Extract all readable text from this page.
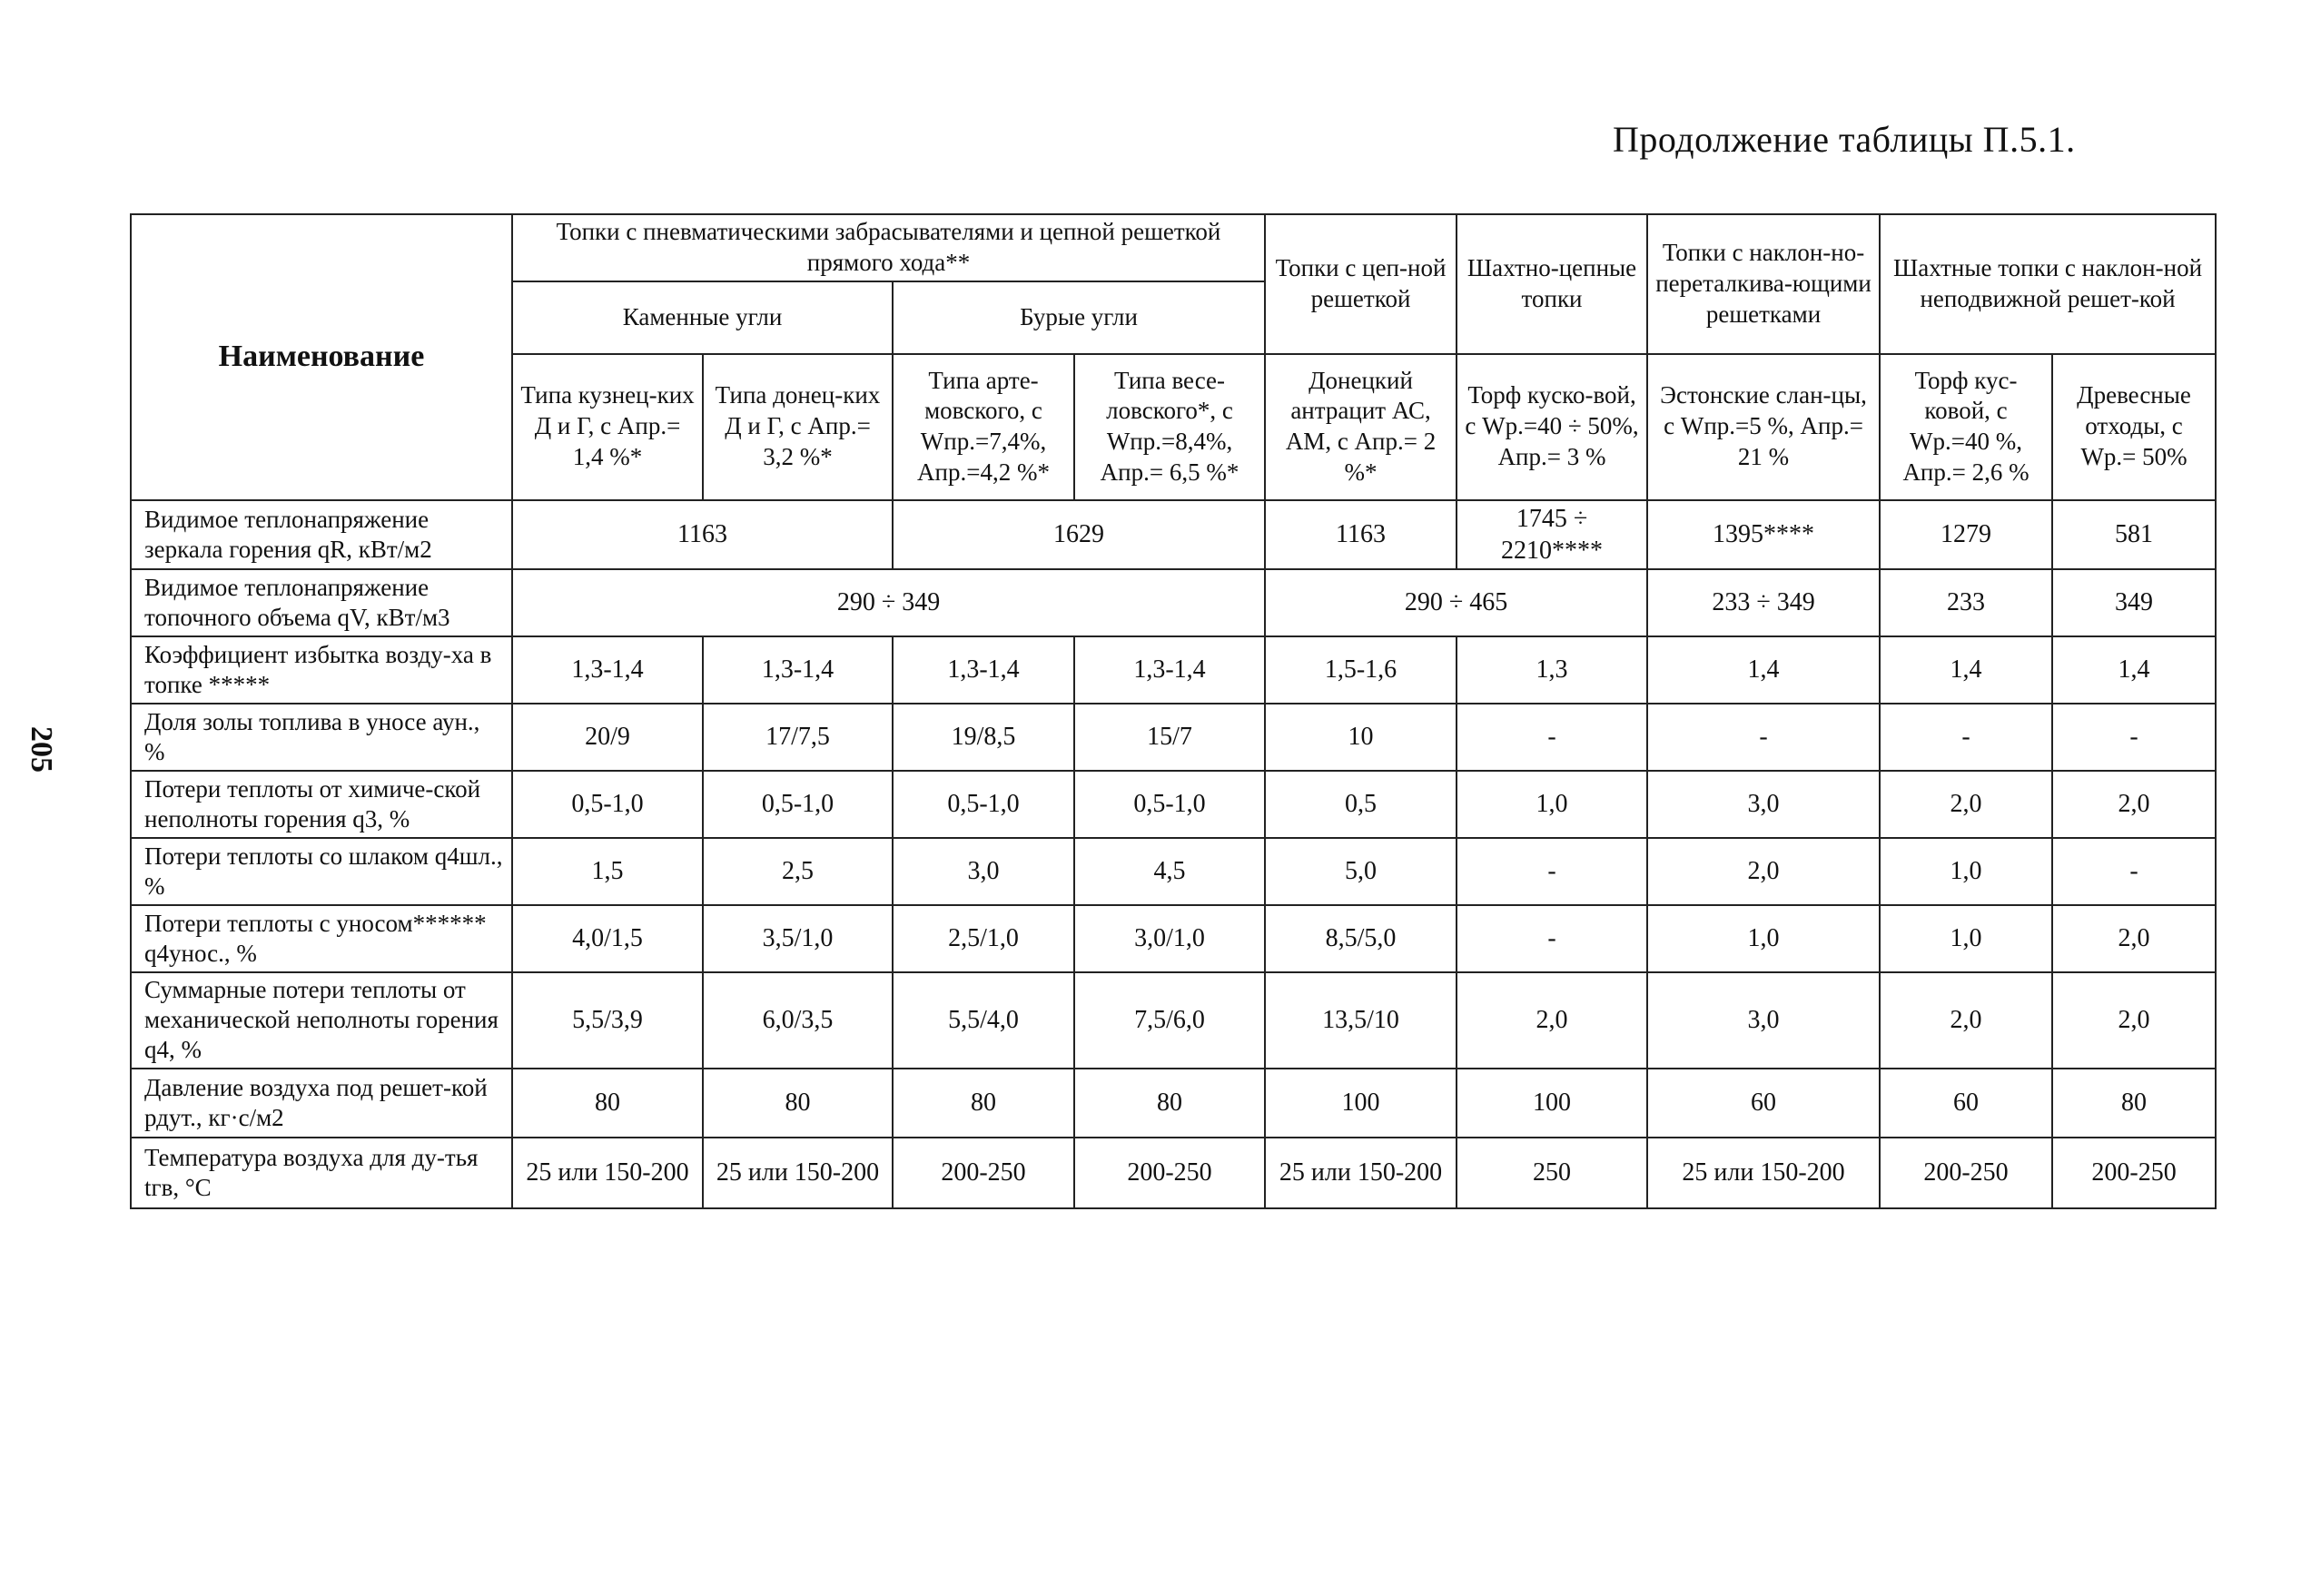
Продолжение таблицы П.5.1.
205
Наименование	Топки с пневматическими забрасывателями и цепной решеткой прямого хода**				Топки с цеп-ной решеткой	Шахтно-цепные топки	Топки с наклон-но-переталкива-ющими решетками	Шахтные топки с наклон-ной неподвижной решет-кой	
	Каменные угли		Бурые угли						
	Типа кузнец-ких Д и Г, с Апр.= 1,4 %*	Типа донец-ких Д и Г, с Апр.= 3,2 %*	Типа арте-мовского, с Wпр.=7,4%, Апр.=4,2 %*	Типа весе-ловского*, с Wпр.=8,4%, Апр.= 6,5 %*	Донецкий антрацит АС, АМ, с Апр.= 2 %*	Торф куско-вой, с Wр.=40 ÷ 50%, Апр.= 3 %	Эстонские слан-цы, с Wпр.=5 %, Апр.= 21 %	Торф кус-ковой, с Wр.=40 %, Апр.= 2,6 %	Древесные отходы, с Wр.= 50%
Видимое теплонапряжение зеркала горения qR, кВт/м2	1163		1629		1163	1745 ÷ 2210****	1395****	1279	581
Видимое теплонапряжение топочного объема qV, кВт/м3	290 ÷ 349				290 ÷ 465		233 ÷ 349	233	349
Коэффициент избытка возду-ха в топке *****	1,3-1,4	1,3-1,4	1,3-1,4	1,3-1,4	1,5-1,6	1,3	1,4	1,4	1,4
Доля золы топлива в уносе аун., %	20/9	17/7,5	19/8,5	15/7	10	-	-	-	-
Потери теплоты от химиче-ской неполноты горения q3, %	0,5-1,0	0,5-1,0	0,5-1,0	0,5-1,0	0,5	1,0	3,0	2,0	2,0
Потери теплоты со шлаком q4шл., %	1,5	2,5	3,0	4,5	5,0	-	2,0	1,0	-
Потери теплоты с уносом****** q4унос., %	4,0/1,5	3,5/1,0	2,5/1,0	3,0/1,0	8,5/5,0	-	1,0	1,0	2,0
Суммарные потери теплоты от механической неполноты горения q4, %	5,5/3,9	6,0/3,5	5,5/4,0	7,5/6,0	13,5/10	2,0	3,0	2,0	2,0
Давление воздуха под решет-кой рдут., кг·с/м2	80	80	80	80	100	100	60	60	80
Температура воздуха для ду-тья tгв, °С	25 или 150-200	25 или 150-200	200-250	200-250	25 или 150-200	250	25 или 150-200	200-250	200-250
